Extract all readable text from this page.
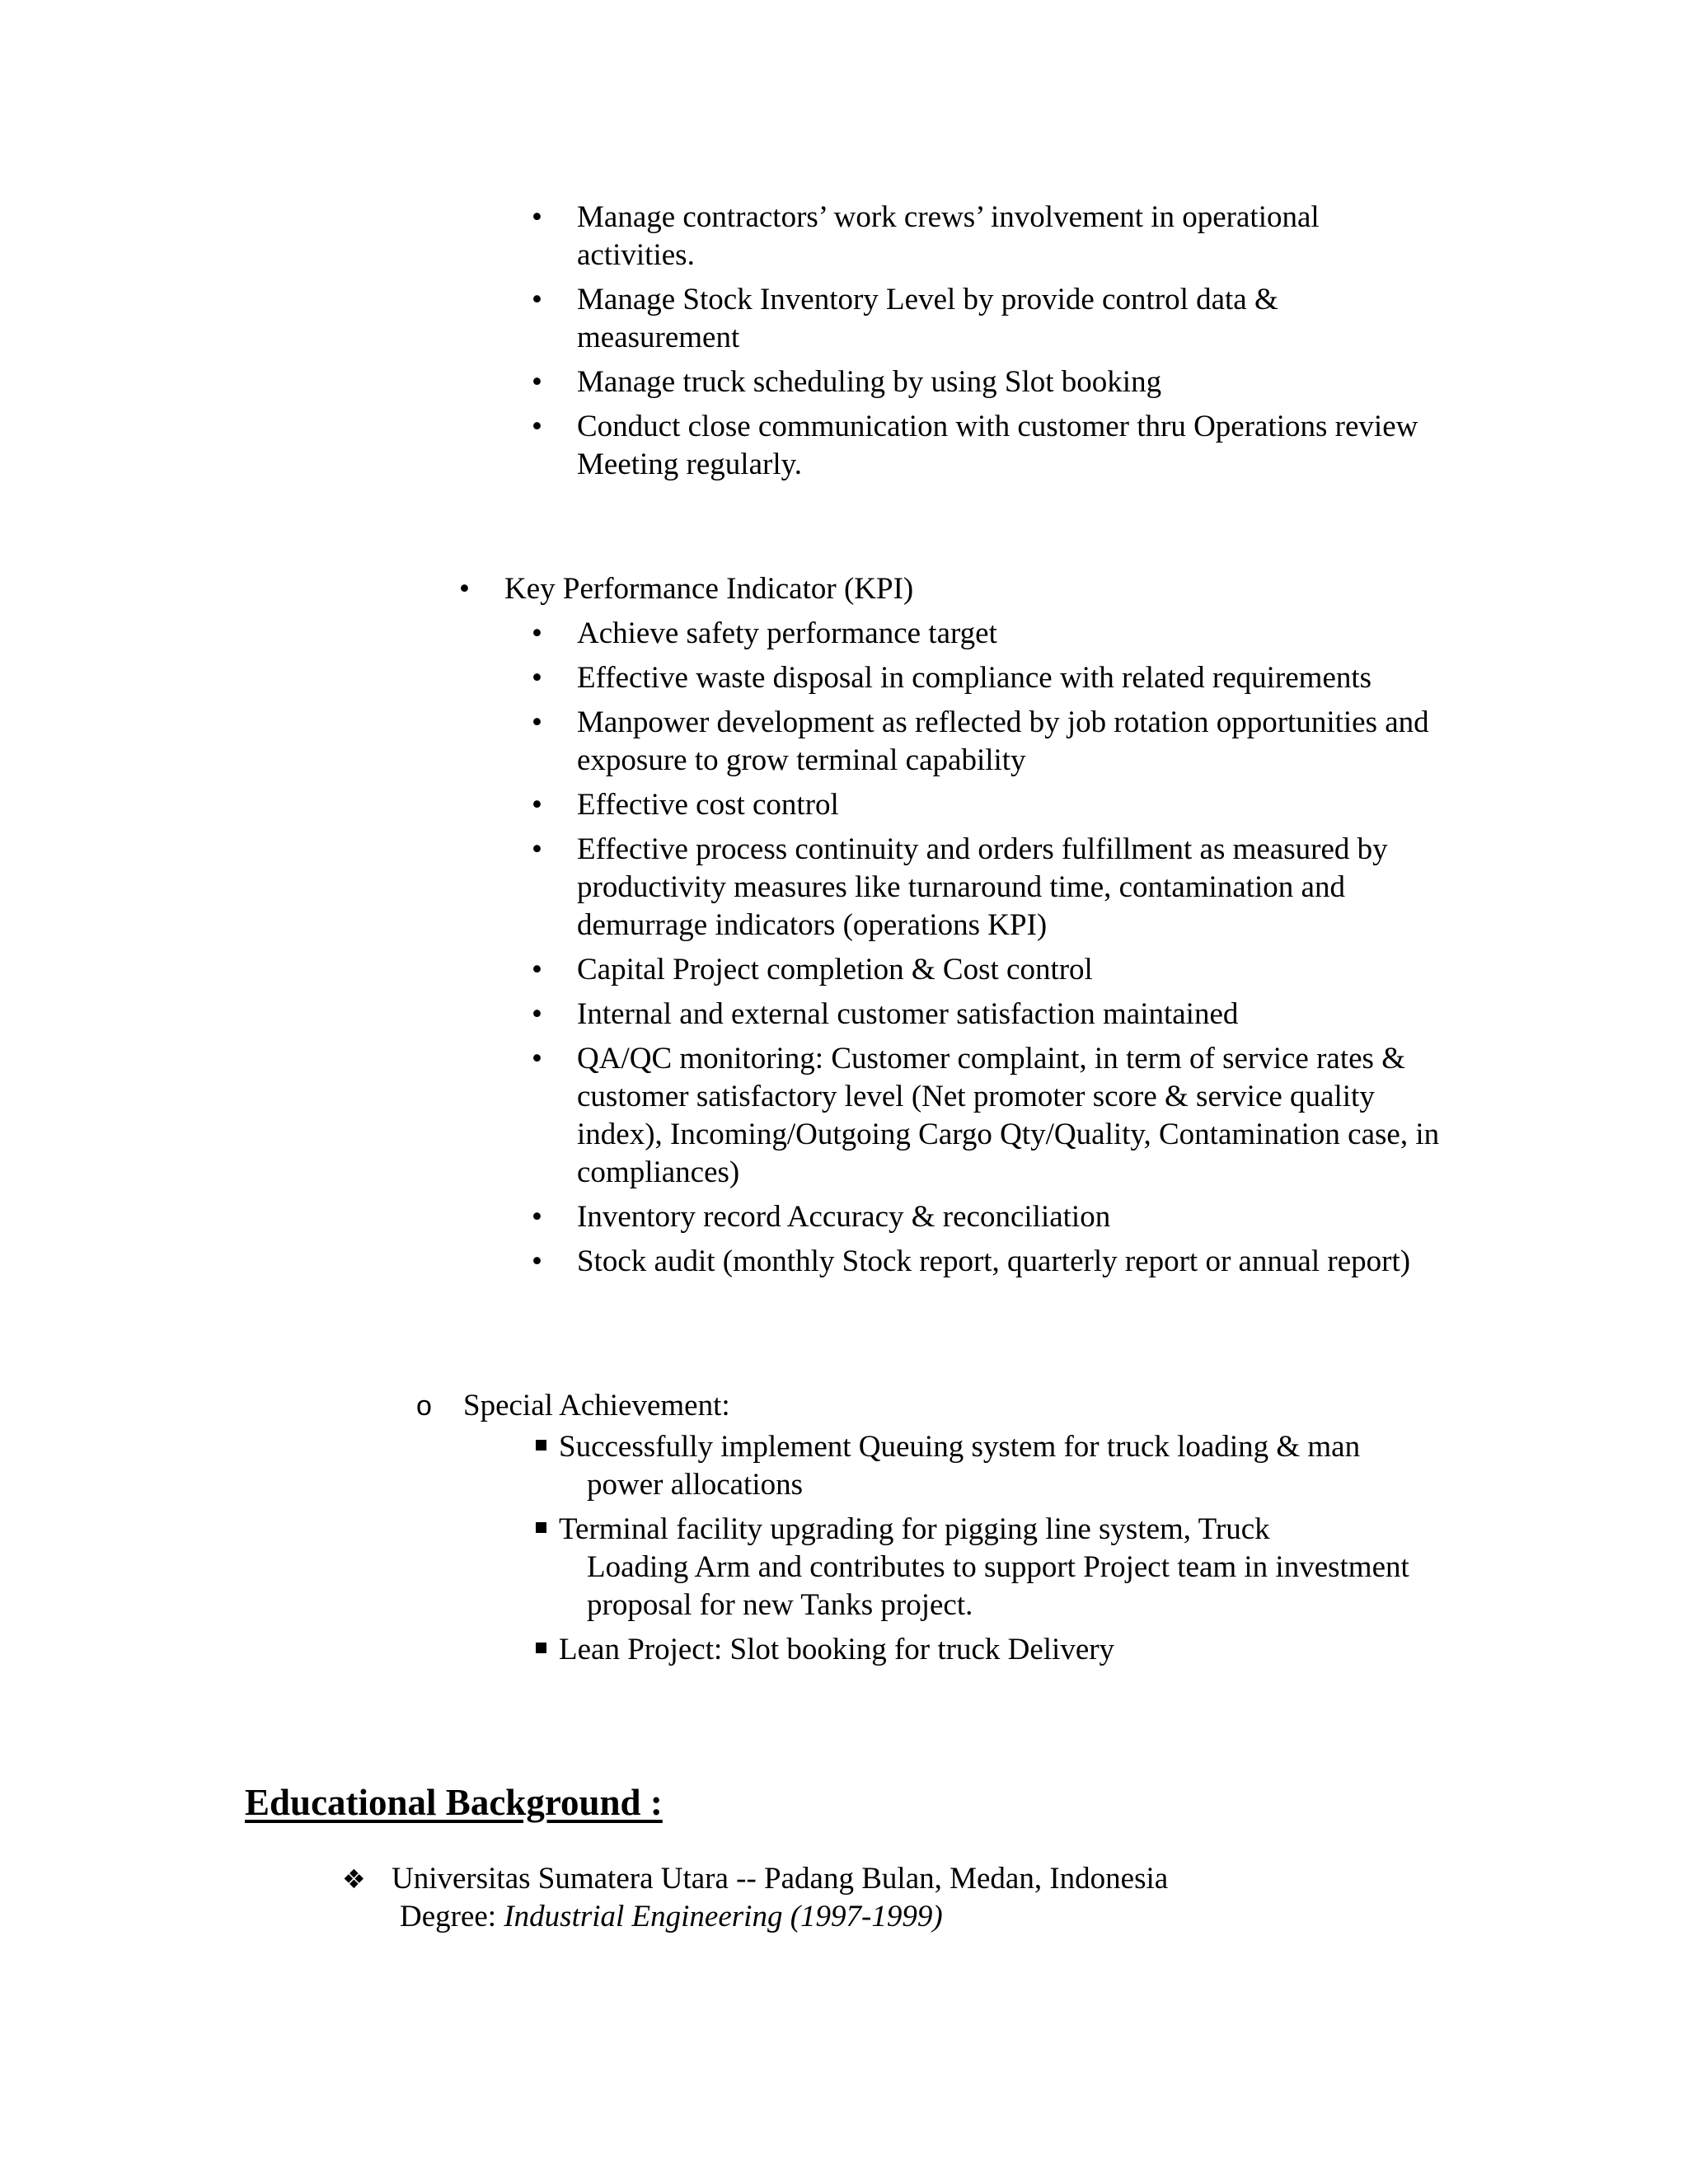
• Manage contractors’ work crews’ involvement in operational activities.
• Manage Stock Inventory Level by provide control data & measurement
• Manage truck scheduling by using Slot booking
• Conduct close communication with customer thru Operations review Meeting regularly.
• Key Performance Indicator (KPI)
• Achieve safety performance target
• Effective waste disposal in compliance with related requirements
• Manpower development as reflected by job rotation opportunities and exposure to grow terminal capability
• Effective cost control
• Effective process continuity and orders fulfillment as measured by productivity measures like turnaround time, contamination and demurrage indicators (operations KPI)
• Capital Project completion & Cost control
• Internal and external customer satisfaction maintained
• QA/QC monitoring: Customer complaint, in term of service rates & customer satisfactory level (Net promoter score & service quality index), Incoming/Outgoing Cargo Qty/Quality, Contamination case, in compliances)
• Inventory record Accuracy & reconciliation
• Stock audit (monthly Stock report, quarterly report or annual report)
o Special Achievement:
Successfully implement Queuing system for truck loading & man
power allocations
Terminal facility upgrading for pigging line system, Truck
Loading Arm and contributes to support Project team in investment proposal for new Tanks project.
Lean Project: Slot booking for truck Delivery
Educational Background :
❖ Universitas Sumatera Utara -- Padang Bulan, Medan, Indonesia
Degree: Industrial Engineering (1997-1999)
